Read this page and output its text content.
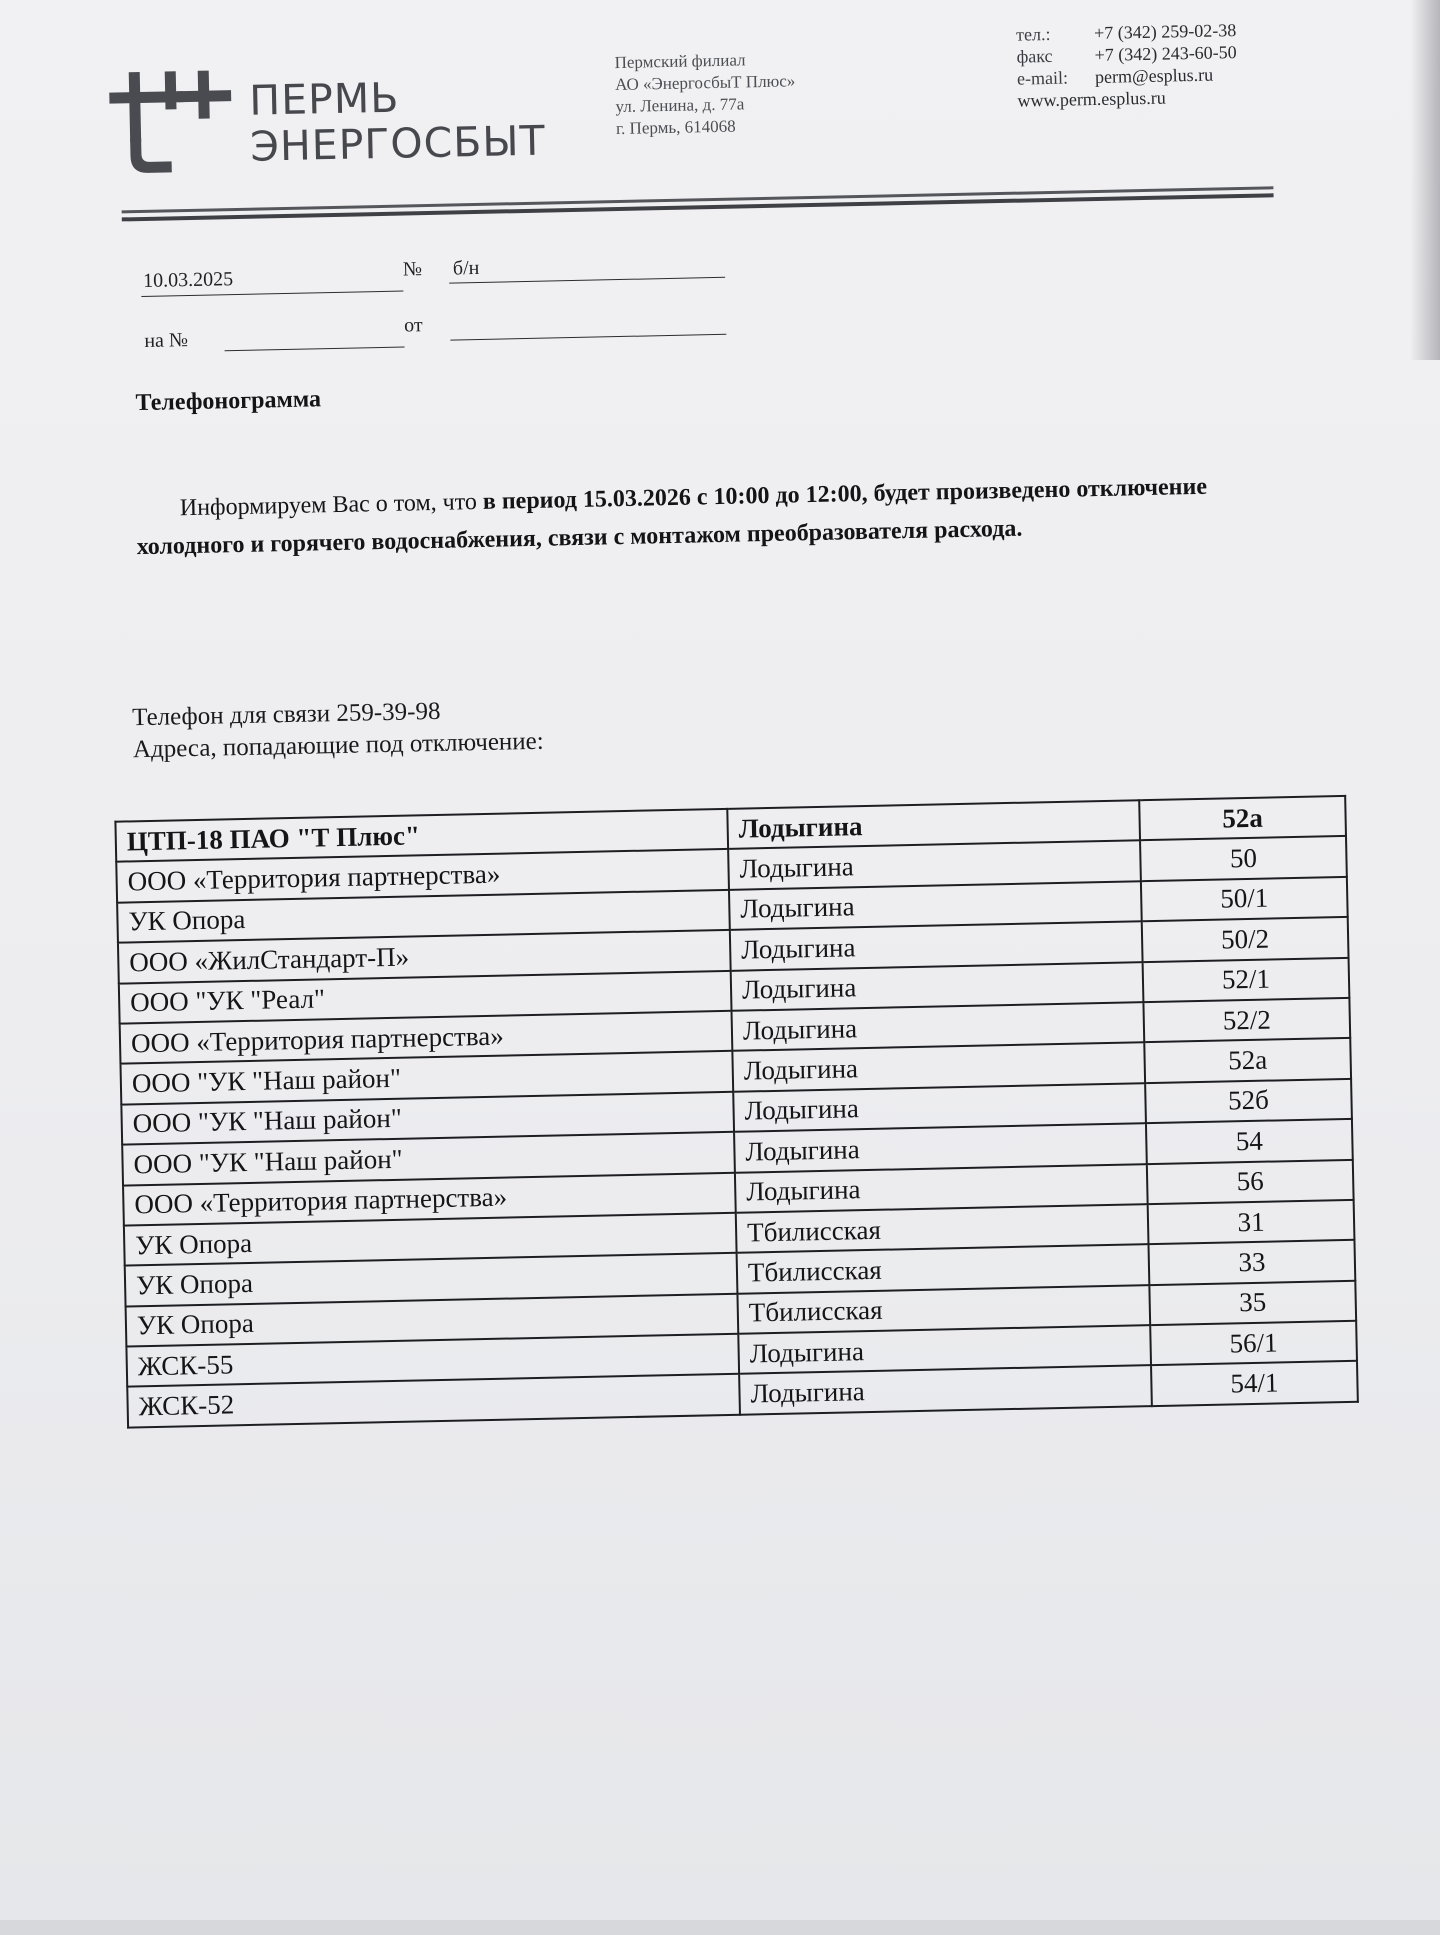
ПЕРМЬ
ЭНЕРГОСБЫТ
Пермский филиал
АО «ЭнергосбыТ Плюс»
ул. Ленина, д. 77а
г. Пермь, 614068
тел.:	+7 (342) 259-02-38
факс	+7 (342) 243-60-50
e-mail:	perm@esplus.ru
www.perm.esplus.ru
10.03.2025	№ б/н
на №
от
Телефонограмма
Информируем Вас о том, что в период 15.03.2026 с 10:00 до 12:00, будет произведено отключение холодного и горячего водоснабжения, связи с монтажом преобразователя расхода.
Телефон для связи 259-39-98
Адреса, попадающие под отключение:
ЦТП-18 ПАО "Т Плюс"	Лодыгина	52а
ООО «Территория партнерства»	Лодыгина	50
УК Опора	Лодыгина	50/1
ООО «ЖилСтандарт-П»	Лодыгина	50/2
ООО "УК "Реал"	Лодыгина	52/1
ООО «Территория партнерства»	Лодыгина	52/2
ООО "УК "Наш район"	Лодыгина	52а
ООО "УК "Наш район"	Лодыгина	52б
ООО "УК "Наш район"	Лодыгина	54
ООО «Территория партнерства»	Лодыгина	56
УК Опора	Тбилисская	31
УК Опора	Тбилисская	33
УК Опора	Тбилисская	35
ЖСК-55	Лодыгина	56/1
ЖСК-52	Лодыгина	54/1
